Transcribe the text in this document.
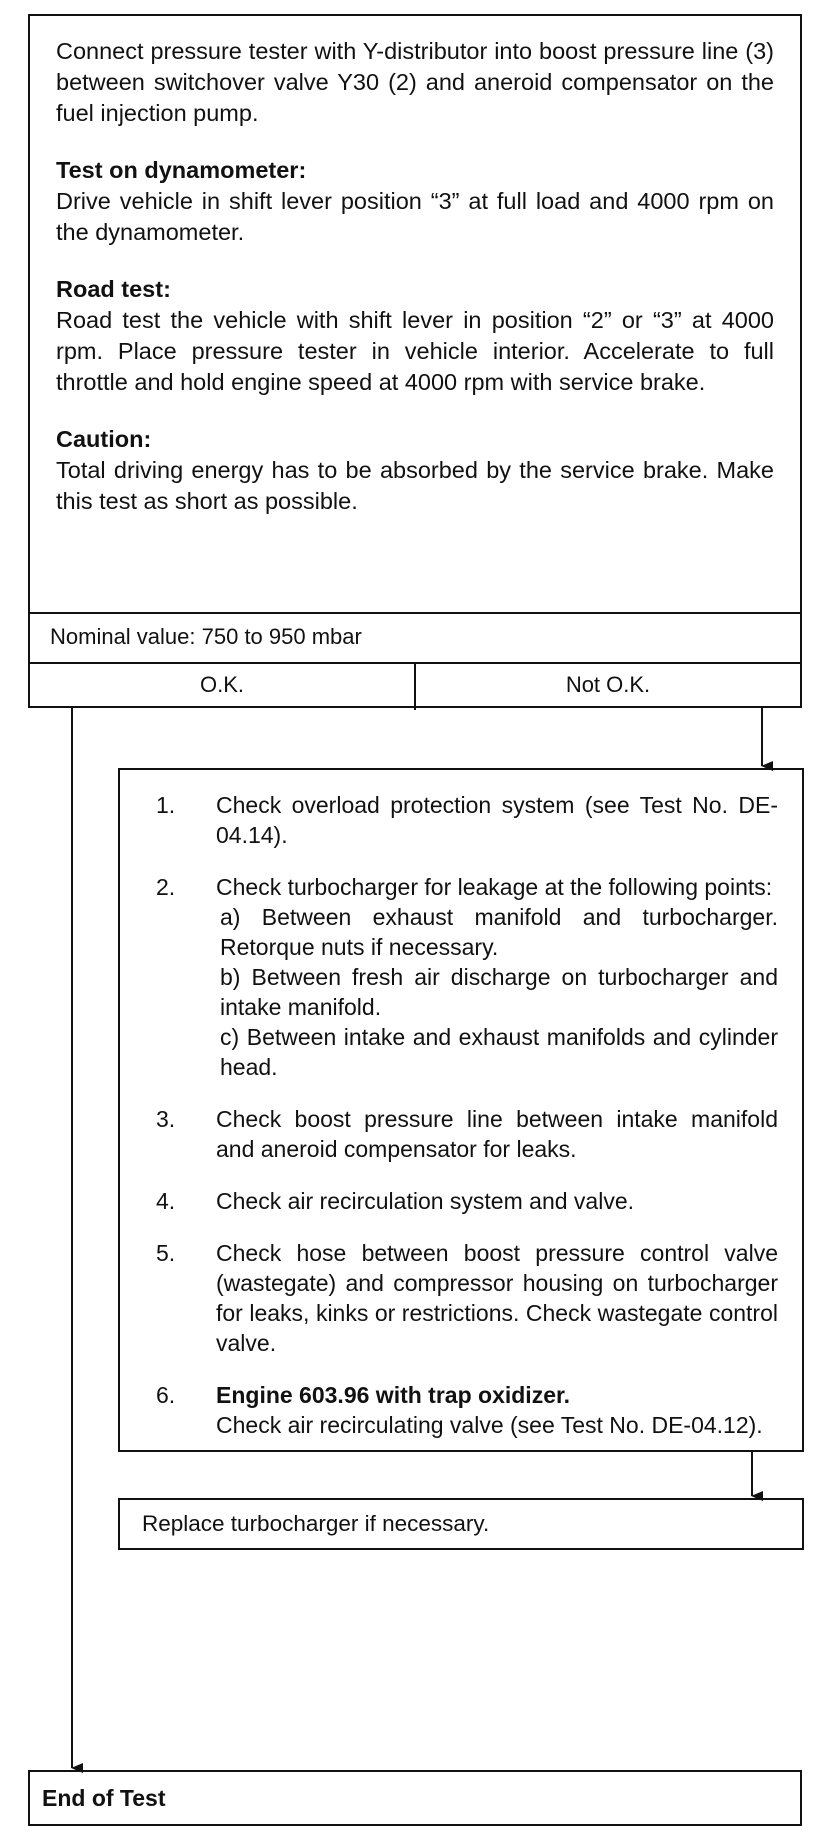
Connect pressure tester with Y-distributor into boost pressure line (3) between switchover valve Y30 (2) and aneroid compensator on the fuel injection pump.

Test on dynamometer:
Drive vehicle in shift lever position “3” at full load and 4000 rpm on the dynamometer.

Road test:
Road test the vehicle with shift lever in position “2” or “3” at 4000 rpm. Place pressure tester in vehicle interior. Accelerate to full throttle and hold engine speed at 4000 rpm with service brake.

Caution:
Total driving energy has to be absorbed by the service brake. Make this test as short as possible.

Nominal value: 750 to 950 mbar
O.K.	Not O.K.
1.	Check overload protection system (see Test No. DE-04.14).
2.	Check turbocharger for leakage at the following points:
a) Between exhaust manifold and turbocharger. Retorque nuts if necessary.
b) Between fresh air discharge on turbocharger and intake manifold.
c) Between intake and exhaust manifolds and cylinder head.
3.	Check boost pressure line between intake manifold and aneroid compensator for leaks.
4.	Check air recirculation system and valve.
5.	Check hose between boost pressure control valve (wastegate) and compressor housing on turbocharger for leaks, kinks or restrictions. Check wastegate control valve.
6.	Engine 603.96 with trap oxidizer.
Check air recirculating valve (see Test No. DE-04.12).
Replace turbocharger if necessary.
End of Test
